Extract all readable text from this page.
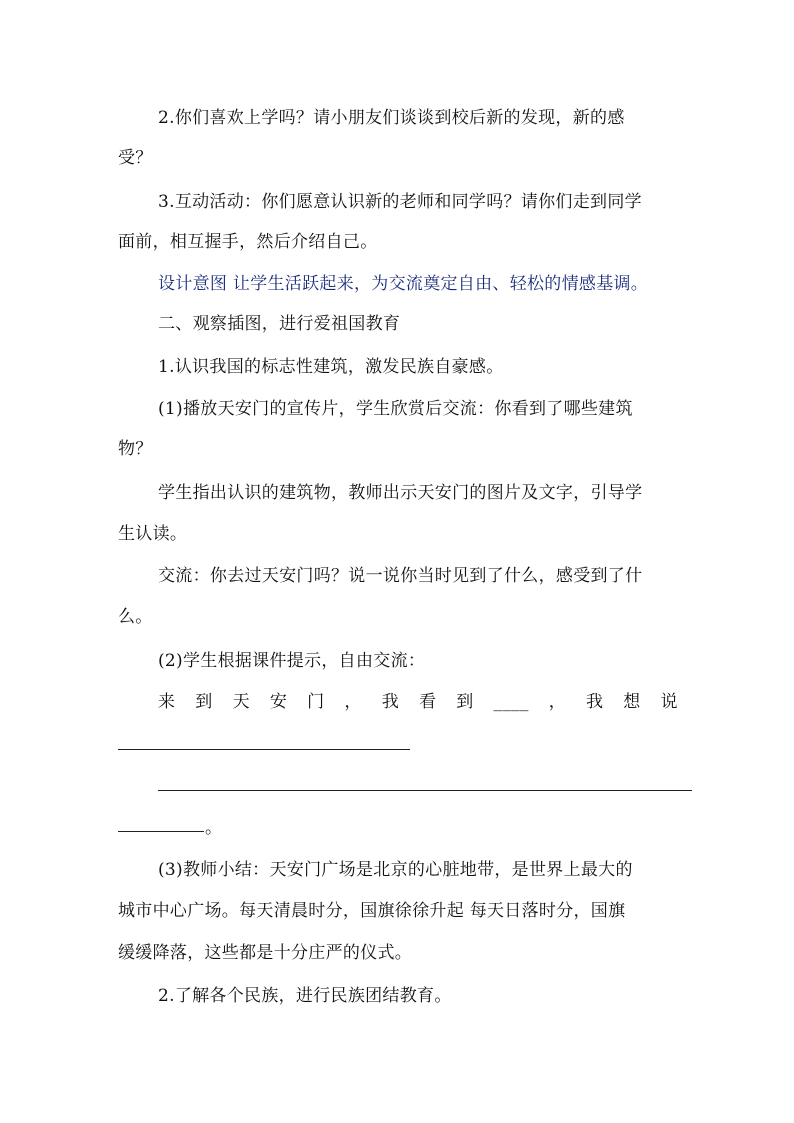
2.你们喜欢上学吗？请小朋友们谈谈到校后新的发现，新的感
受？
3.互动活动：你们愿意认识新的老师和同学吗？请你们走到同学
面前，相互握手，然后介绍自己。
设计意图 让学生活跃起来，为交流奠定自由、轻松的情感基调。
二、观察插图，进行爱祖国教育
1.认识我国的标志性建筑，激发民族自豪感。
(1)播放天安门的宣传片，学生欣赏后交流：你看到了哪些建筑
物？
学生指出认识的建筑物，教师出示天安门的图片及文字，引导学
生认读。
交流：你去过天安门吗？说一说你当时见到了什么，感受到了什
么。
(2)学生根据课件提示，自由交流：
来 到 天 安 门 ， 我 看 到 ____ ， 我 想 说
。
(3)教师小结：天安门广场是北京的心脏地带，是世界上最大的
城市中心广场。每天清晨时分，国旗徐徐升起 每天日落时分，国旗
缓缓降落，这些都是十分庄严的仪式。
2.了解各个民族，进行民族团结教育。
